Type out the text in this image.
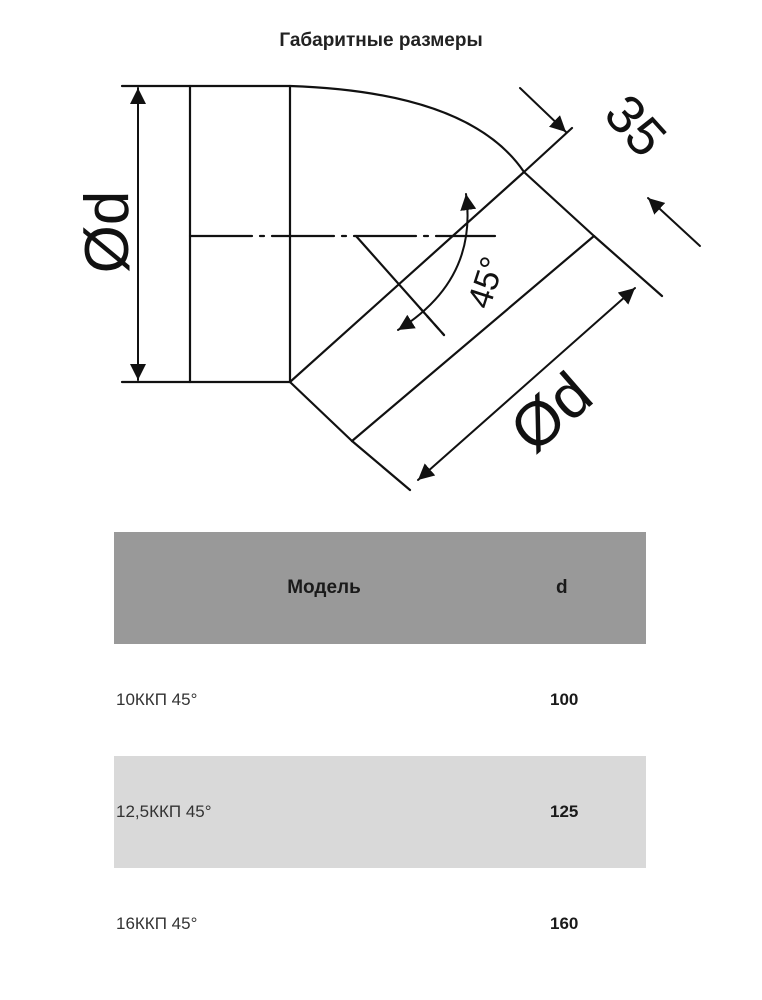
Габаритные размеры
Ød
Ød
35
45°
Модель	d
10ККП 45°	100
12,5ККП 45°	125
16ККП 45°	160
